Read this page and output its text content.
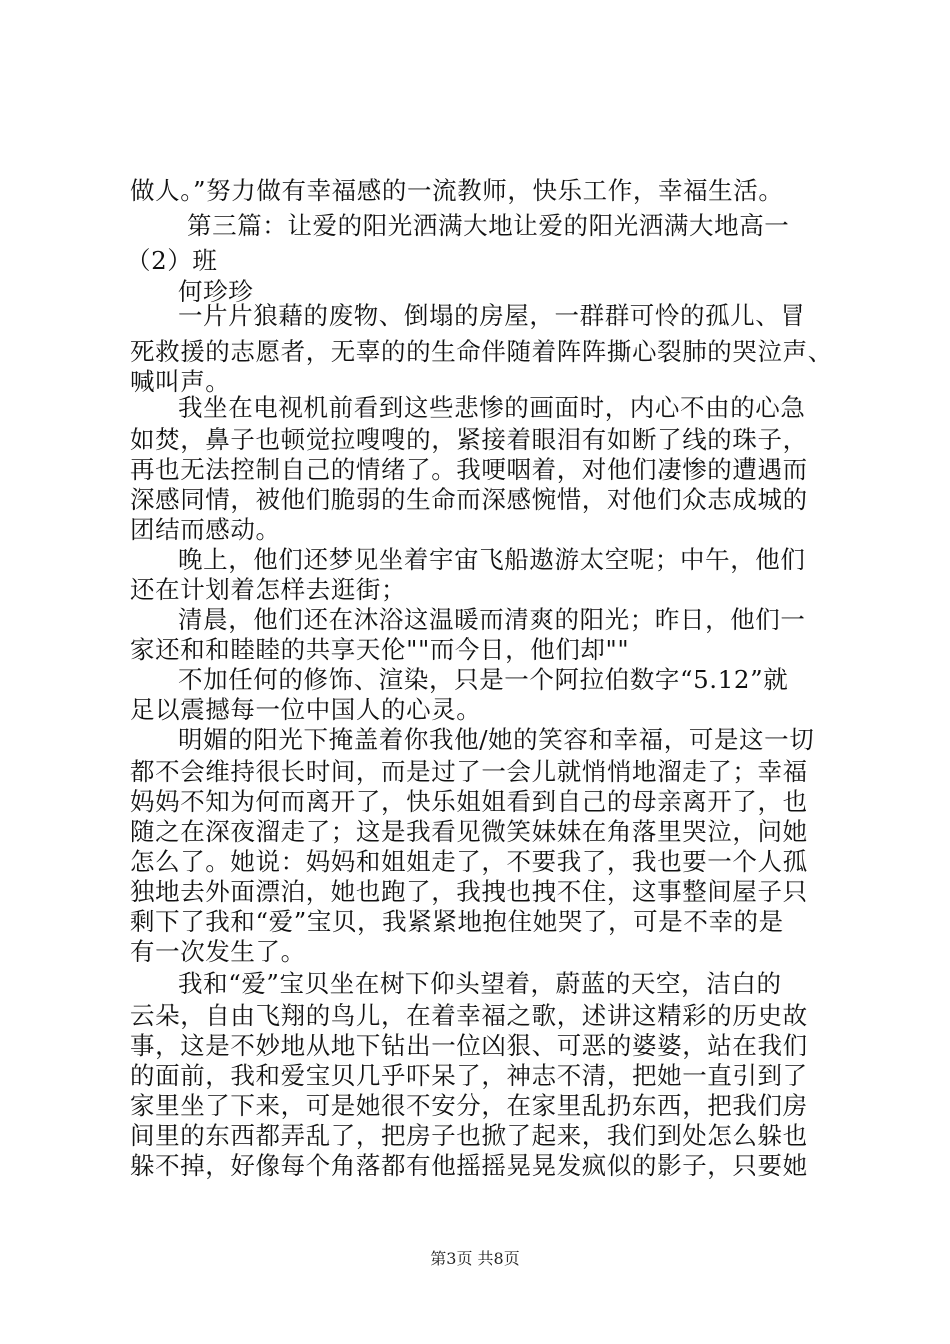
做人。”努力做有幸福感的一流教师，快乐工作，幸福生活。
第三篇：让爱的阳光洒满大地让爱的阳光洒满大地高一
（2）班
何珍珍
一片片狼藉的废物、倒塌的房屋，一群群可怜的孤儿、冒
死救援的志愿者，无辜的的生命伴随着阵阵撕心裂肺的哭泣声、
喊叫声。
我坐在电视机前看到这些悲惨的画面时，内心不由的心急
如焚，鼻子也顿觉拉嗖嗖的，紧接着眼泪有如断了线的珠子，
再也无法控制自己的情绪了。我哽咽着，对他们凄惨的遭遇而
深感同情，被他们脆弱的生命而深感惋惜，对他们众志成城的
团结而感动。
晚上，他们还梦见坐着宇宙飞船遨游太空呢；中午，他们
还在计划着怎样去逛街；
清晨，他们还在沐浴这温暖而清爽的阳光；昨日，他们一
家还和和睦睦的共享天伦""而今日，他们却""
不加任何的修饰、渲染，只是一个阿拉伯数字“5.12”就
足以震撼每一位中国人的心灵。
明媚的阳光下掩盖着你我他/她的笑容和幸福，可是这一切
都不会维持很长时间，而是过了一会儿就悄悄地溜走了；幸福
妈妈不知为何而离开了，快乐姐姐看到自己的母亲离开了，也
随之在深夜溜走了；这是我看见微笑妹妹在角落里哭泣，问她
怎么了。她说：妈妈和姐姐走了，不要我了，我也要一个人孤
独地去外面漂泊，她也跑了，我拽也拽不住，这事整间屋子只
剩下了我和“爱”宝贝，我紧紧地抱住她哭了，可是不幸的是
有一次发生了。
我和“爱”宝贝坐在树下仰头望着，蔚蓝的天空，洁白的
云朵，自由飞翔的鸟儿，在着幸福之歌，述讲这精彩的历史故
事，这是不妙地从地下钻出一位凶狠、可恶的婆婆，站在我们
的面前，我和爱宝贝几乎吓呆了，神志不清，把她一直引到了
家里坐了下来，可是她很不安分，在家里乱扔东西，把我们房
间里的东西都弄乱了，把房子也掀了起来，我们到处怎么躲也
躲不掉，好像每个角落都有他摇摇晃晃发疯似的影子，只要她
第3页 共8页
